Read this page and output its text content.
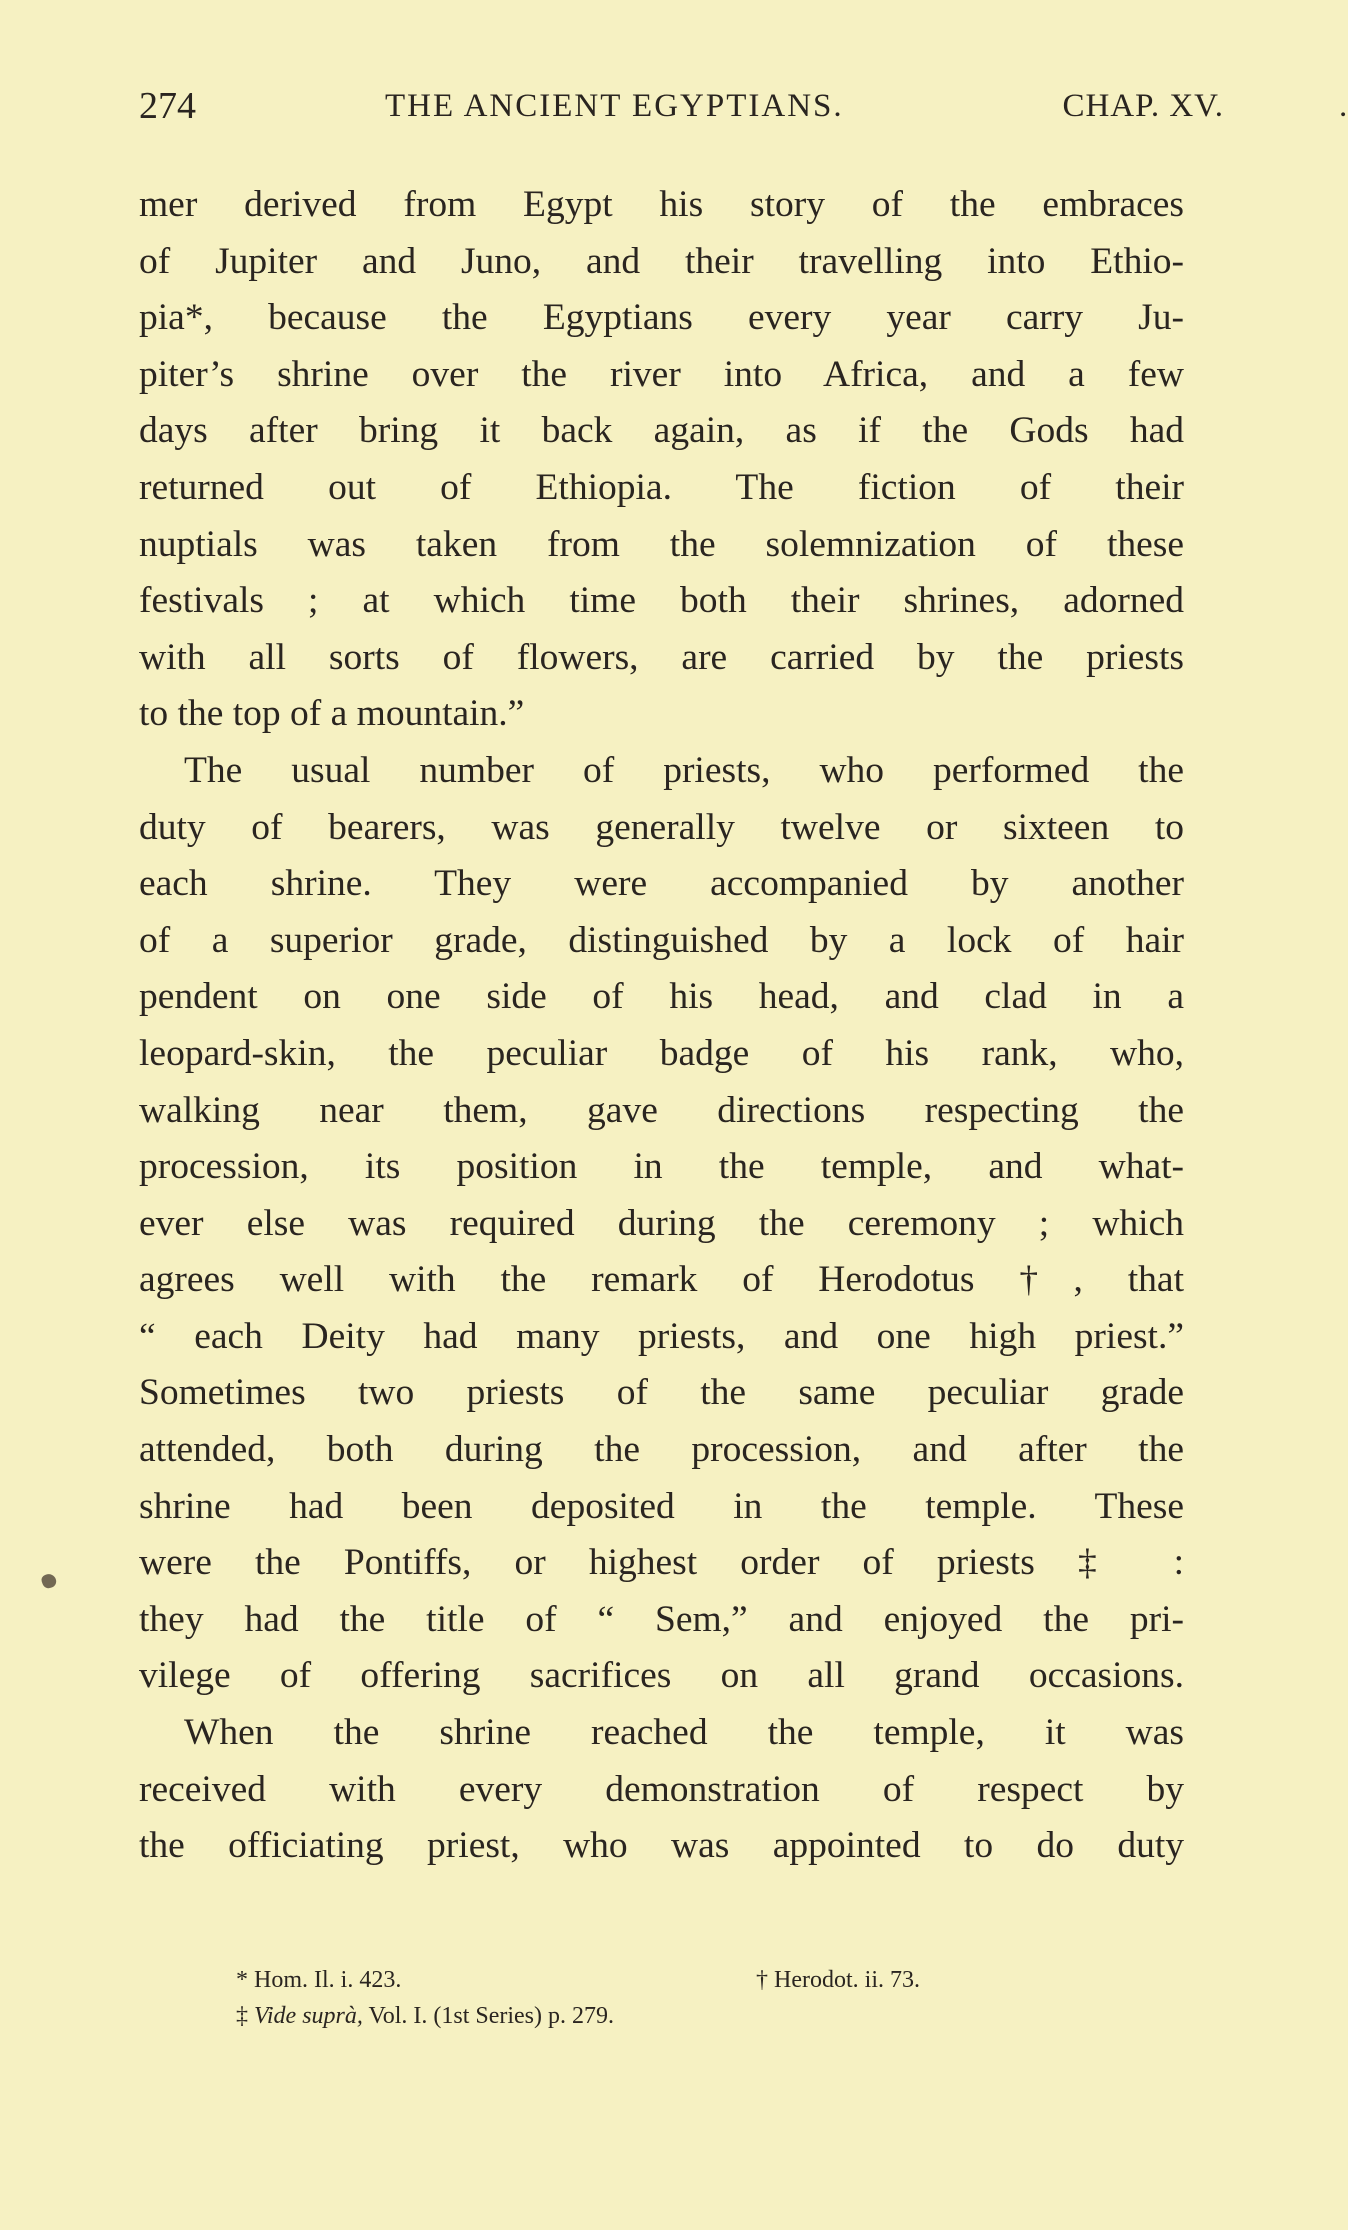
274	THE ANCIENT EGYPTIANS.	CHAP. XV.	.
mer derived from Egypt his story of the embraces
of Jupiter and Juno, and their travelling into Ethio-
pia*, because the Egyptians every year carry Ju-
piter’s shrine over the river into Africa, and a few
days after bring it back again, as if the Gods had
returned out of Ethiopia. The fiction of their
nuptials was taken from the solemnization of these
festivals ; at which time both their shrines, adorned
with all sorts of flowers, are carried by the priests
to the top of a mountain.”
The usual number of priests, who performed the
duty of bearers, was generally twelve or sixteen to
each shrine. They were accompanied by another
of a superior grade, distinguished by a lock of hair
pendent on one side of his head, and clad in a
leopard-skin, the peculiar badge of his rank, who,
walking near them, gave directions respecting the
procession, its position in the temple, and what-
ever else was required during the ceremony ; which
agrees well with the remark of Herodotus †, that
“ each Deity had many priests, and one high priest.”
Sometimes two priests of the same peculiar grade
attended, both during the procession, and after the
shrine had been deposited in the temple. These
were the Pontiffs, or highest order of priests ‡ :
they had the title of “ Sem,” and enjoyed the pri-
vilege of offering sacrifices on all grand occasions.
When the shrine reached the temple, it was
received with every demonstration of respect by
the officiating priest, who was appointed to do duty
* Hom. Il. i. 423.	† Herodot. ii. 73.
‡ Vide suprà, Vol. I. (1st Series) p. 279.
